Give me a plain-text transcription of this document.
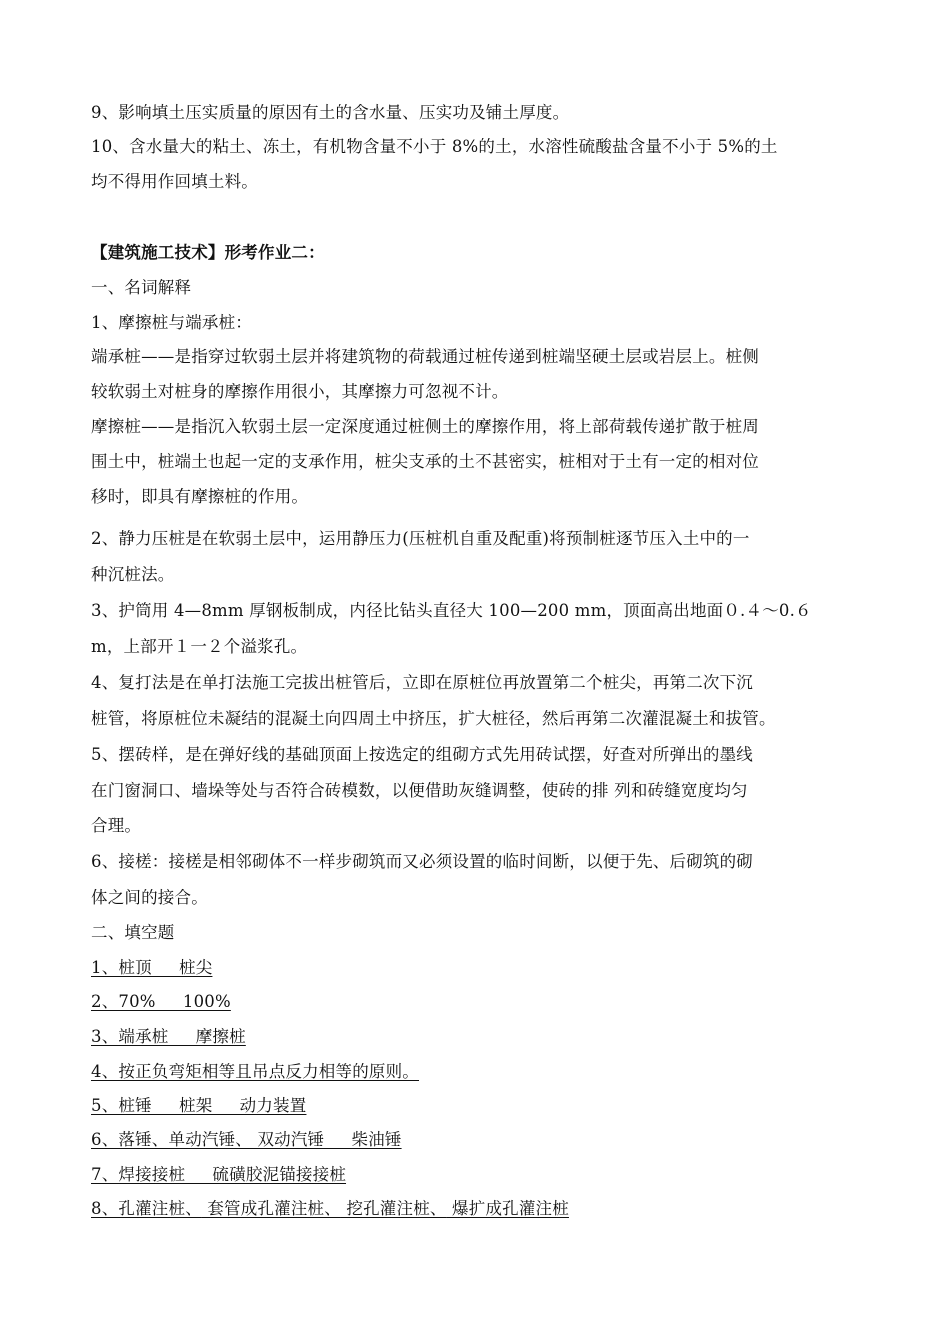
9、影响填土压实质量的原因有土的含水量、压实功及铺土厚度。
10、含水量大的粘土、冻土，有机物含量不小于 8%的土，水溶性硫酸盐含量不小于 5%的土
均不得用作回填土料。
【建筑施工技术】形考作业二：
一、名词解释
1、摩擦桩与端承桩：
端承桩——是指穿过软弱土层并将建筑物的荷载通过桩传递到桩端坚硬土层或岩层上。桩侧
较软弱土对桩身的摩擦作用很小，其摩擦力可忽视不计。
摩擦桩——是指沉入软弱土层一定深度通过桩侧土的摩擦作用，将上部荷载传递扩散于桩周
围土中，桩端土也起一定的支承作用，桩尖支承的土不甚密实，桩相对于土有一定的相对位
移时，即具有摩擦桩的作用。
2、静力压桩是在软弱土层中，运用静压力(压桩机自重及配重)将预制桩逐节压入土中的一
种沉桩法。
3、护筒用 4—8mm 厚钢板制成，内径比钻头直径大 100—200 mm，顶面高出地面０.４～0.６
m，上部开１一２个溢浆孔。
4、复打法是在单打法施工完拔出桩管后，立即在原桩位再放置第二个桩尖，再第二次下沉
桩管，将原桩位未凝结的混凝土向四周土中挤压，扩大桩径，然后再第二次灌混凝土和拔管。
5、摆砖样，是在弹好线的基础顶面上按选定的组砌方式先用砖试摆，好查对所弹出的墨线
在门窗洞口、墙垛等处与否符合砖模数，以便借助灰缝调整，使砖的排 列和砖缝宽度均匀
合理。
6、接槎：接槎是相邻砌体不一样步砌筑而又必须设置的临时间断，以便于先、后砌筑的砌
体之间的接合。
二、填空题
1、桩顶     桩尖
2、70%     100%
3、端承桩     摩擦桩
4、按正负弯矩相等且吊点反力相等的原则。
5、桩锤     桩架     动力装置
6、落锤、单动汽锤、 双动汽锤     柴油锤
7、焊接接桩     硫磺胶泥锚接接桩
8、孔灌注桩、 套管成孔灌注桩、 挖孔灌注桩、 爆扩成孔灌注桩
